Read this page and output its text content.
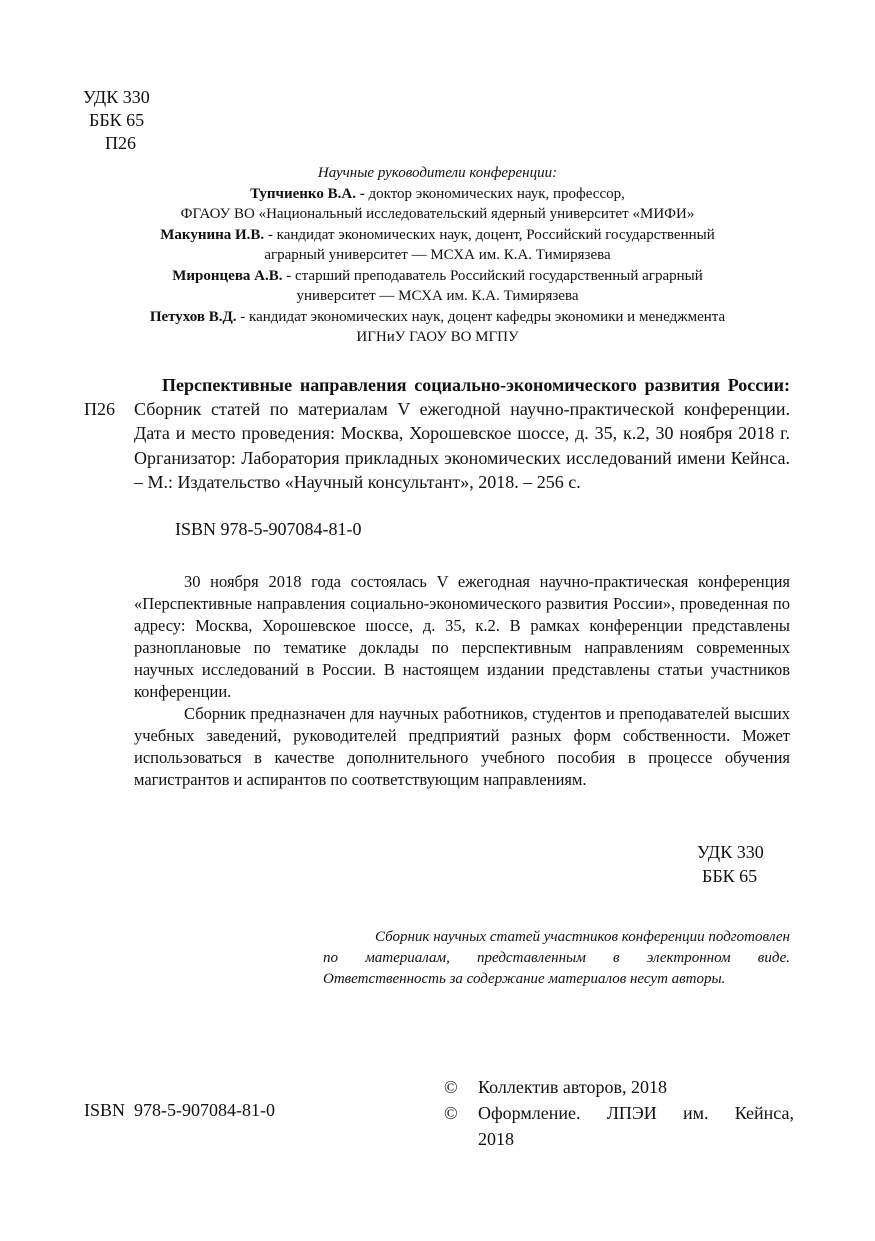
УДК 330
ББК 65
П26
Научные руководители конференции:
Тупчиенко В.А. - доктор экономических наук, профессор,
ФГАОУ ВО «Национальный исследовательский ядерный университет «МИФИ»
Макунина И.В. - кандидат экономических наук, доцент, Российский государственный
аграрный университет — МСХА им. К.А. Тимирязева
Миронцева А.В. - старший преподаватель Российский государственный аграрный
университет — МСХА им. К.А. Тимирязева
Петухов В.Д. - кандидат экономических наук, доцент кафедры экономики и менеджмента
ИГНиУ ГАОУ ВО МГПУ
П26
Перспективные направления социально-экономического развития России: Сборник статей по материалам V ежегодной научно-практической конференции. Дата и место проведения: Москва, Хорошевское шоссе, д. 35, к.2, 30 ноября 2018 г. Организатор: Лаборатория прикладных экономических исследований имени Кейнса. – М.: Издательство «Научный консультант», 2018. – 256 с.
ISBN 978-5-907084-81-0

30 ноября 2018 года состоялась V ежегодная научно-практическая конференция «Перспективные направления социально-экономического развития России», проведенная по адресу: Москва, Хорошевское шоссе, д. 35, к.2. В рамках конференции представлены разноплановые по тематике доклады по перспективным направлениям современных научных исследований в России. В настоящем издании представлены статьи участников конференции.

Сборник предназначен для научных работников, студентов и преподавателей высших учебных заведений, руководителей предприятий разных форм собственности. Может использоваться в качестве дополнительного учебного пособия в процессе обучения магистрантов и аспирантов по соответствующим направлениям.

УДК 330
ББК 65
Сборник научных статей участников конференции подготовлен по материалам, представленным в электронном виде. Ответственность за содержание материалов несут авторы.
©	Коллектив авторов, 2018
©	Оформление. ЛПЭИ им. Кейнса,
2018
ISBN  978-5-907084-81-0
